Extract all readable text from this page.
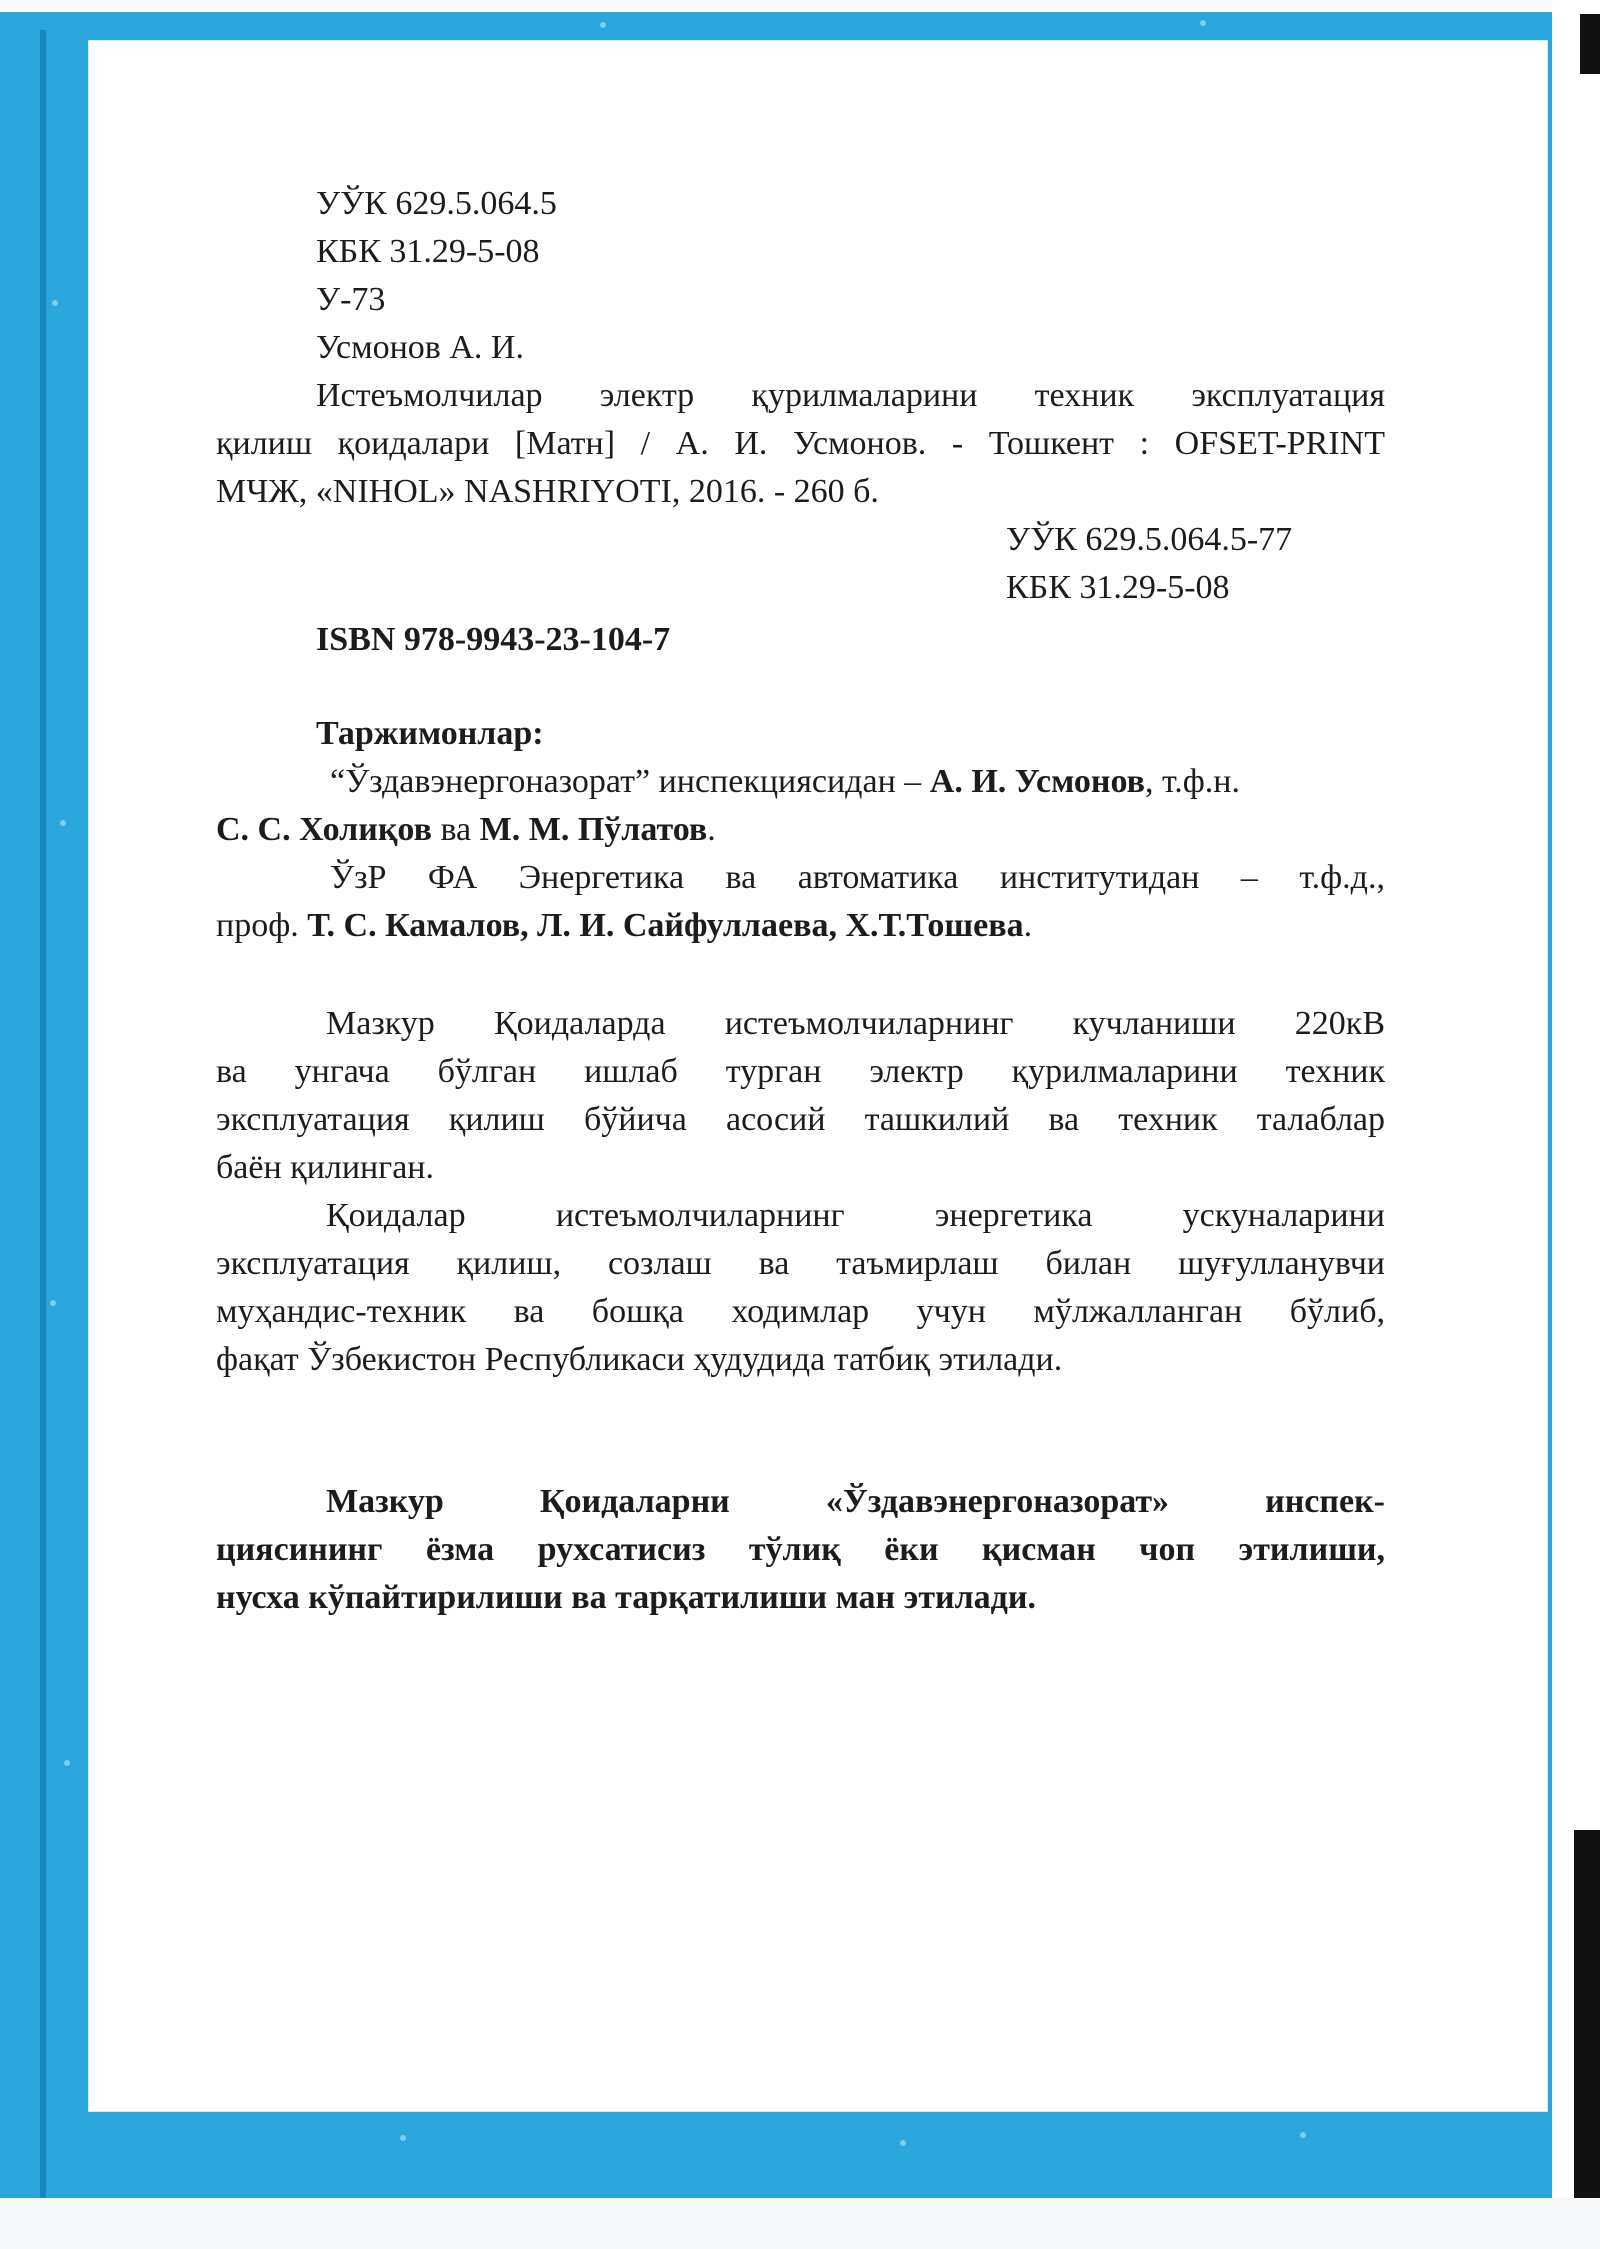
УЎК 629.5.064.5
КБК 31.29-5-08
У-73
Усмонов А. И.
Истеъмолчилар электр қурилмаларини техник эксплуатация
қилиш қоидалари [Матн] / А. И. Усмонов. - Тошкент : OFSET-PRINT
МЧЖ, «NIHOL» NASHRIYOTI, 2016. - 260 б.
УЎК 629.5.064.5-77
КБК 31.29-5-08
ISBN 978-9943-23-104-7
Таржимонлар:
“Ўздавэнергоназорат” инспекциясидан – А. И. Усмонов, т.ф.н.
С. С. Холиқов ва М. М. Пўлатов.
ЎзР ФА Энергетика ва автоматика институтидан – т.ф.д.,
проф. Т. С. Камалов, Л. И. Сайфуллаева, Х.Т.Тошева.
Мазкур Қоидаларда истеъмолчиларнинг кучланиши 220кВ
ва унгача бўлган ишлаб турган электр қурилмаларини техник
эксплуатация қилиш бўйича асосий ташкилий ва техник талаблар
баён қилинган.
Қоидалар истеъмолчиларнинг энергетика ускуналарини
эксплуатация қилиш, созлаш ва таъмирлаш билан шуғулланувчи
муҳандис-техник ва бошқа ходимлар учун мўлжалланган бўлиб,
фақат Ўзбекистон Республикаси ҳудудида татбиқ этилади.
Мазкур Қоидаларни «Ўздавэнергоназорат» инспек-
циясининг ёзма рухсатисиз тўлиқ ёки қисман чоп этилиши,
нусха кўпайтирилиши ва тарқатилиши ман этилади.
